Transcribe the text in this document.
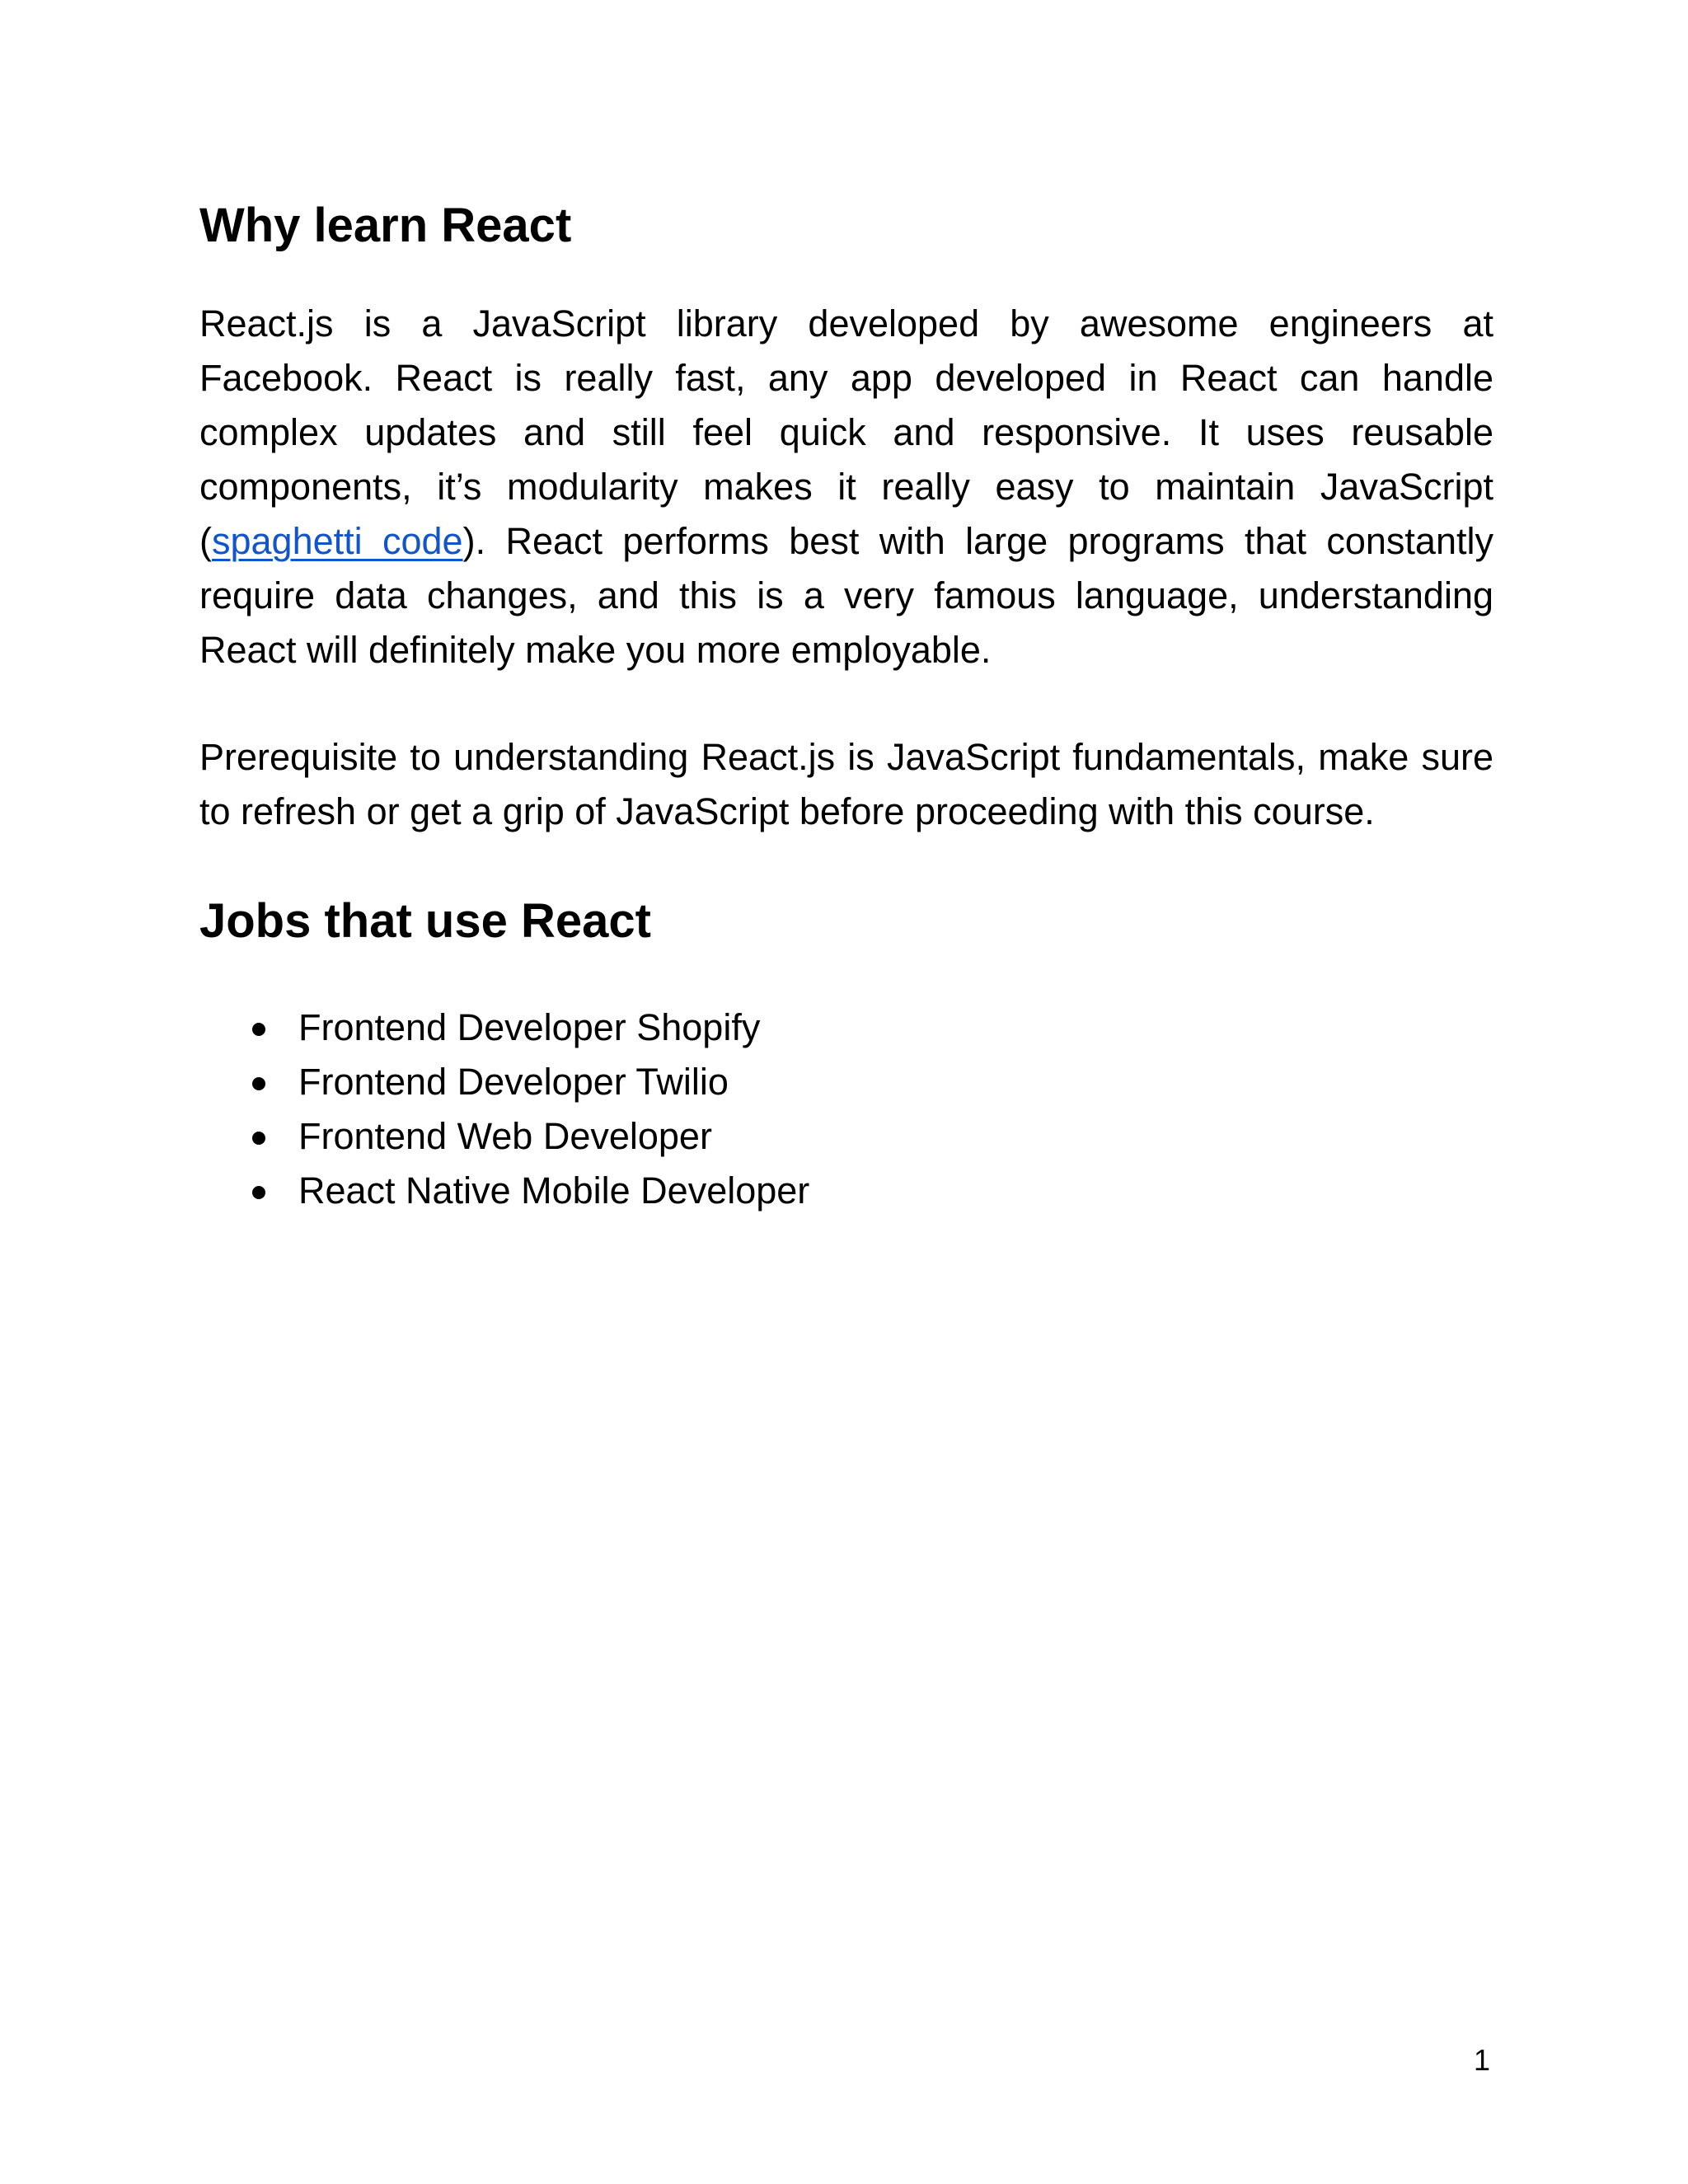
Why learn React

React.js is a JavaScript library developed by awesome engineers at Facebook. React is really fast, any app developed in React can handle complex updates and still feel quick and responsive. It uses reusable components, it’s modularity makes it really easy to maintain JavaScript (spaghetti code). React performs best with large programs that constantly require data changes, and this is a very famous language, understanding React will definitely make you more employable.

Prerequisite to understanding React.js is JavaScript fundamentals, make sure to refresh or get a grip of JavaScript before proceeding with this course.

Jobs that use React
Frontend Developer Shopify
Frontend Developer Twilio
Frontend Web Developer
React Native Mobile Developer
1
